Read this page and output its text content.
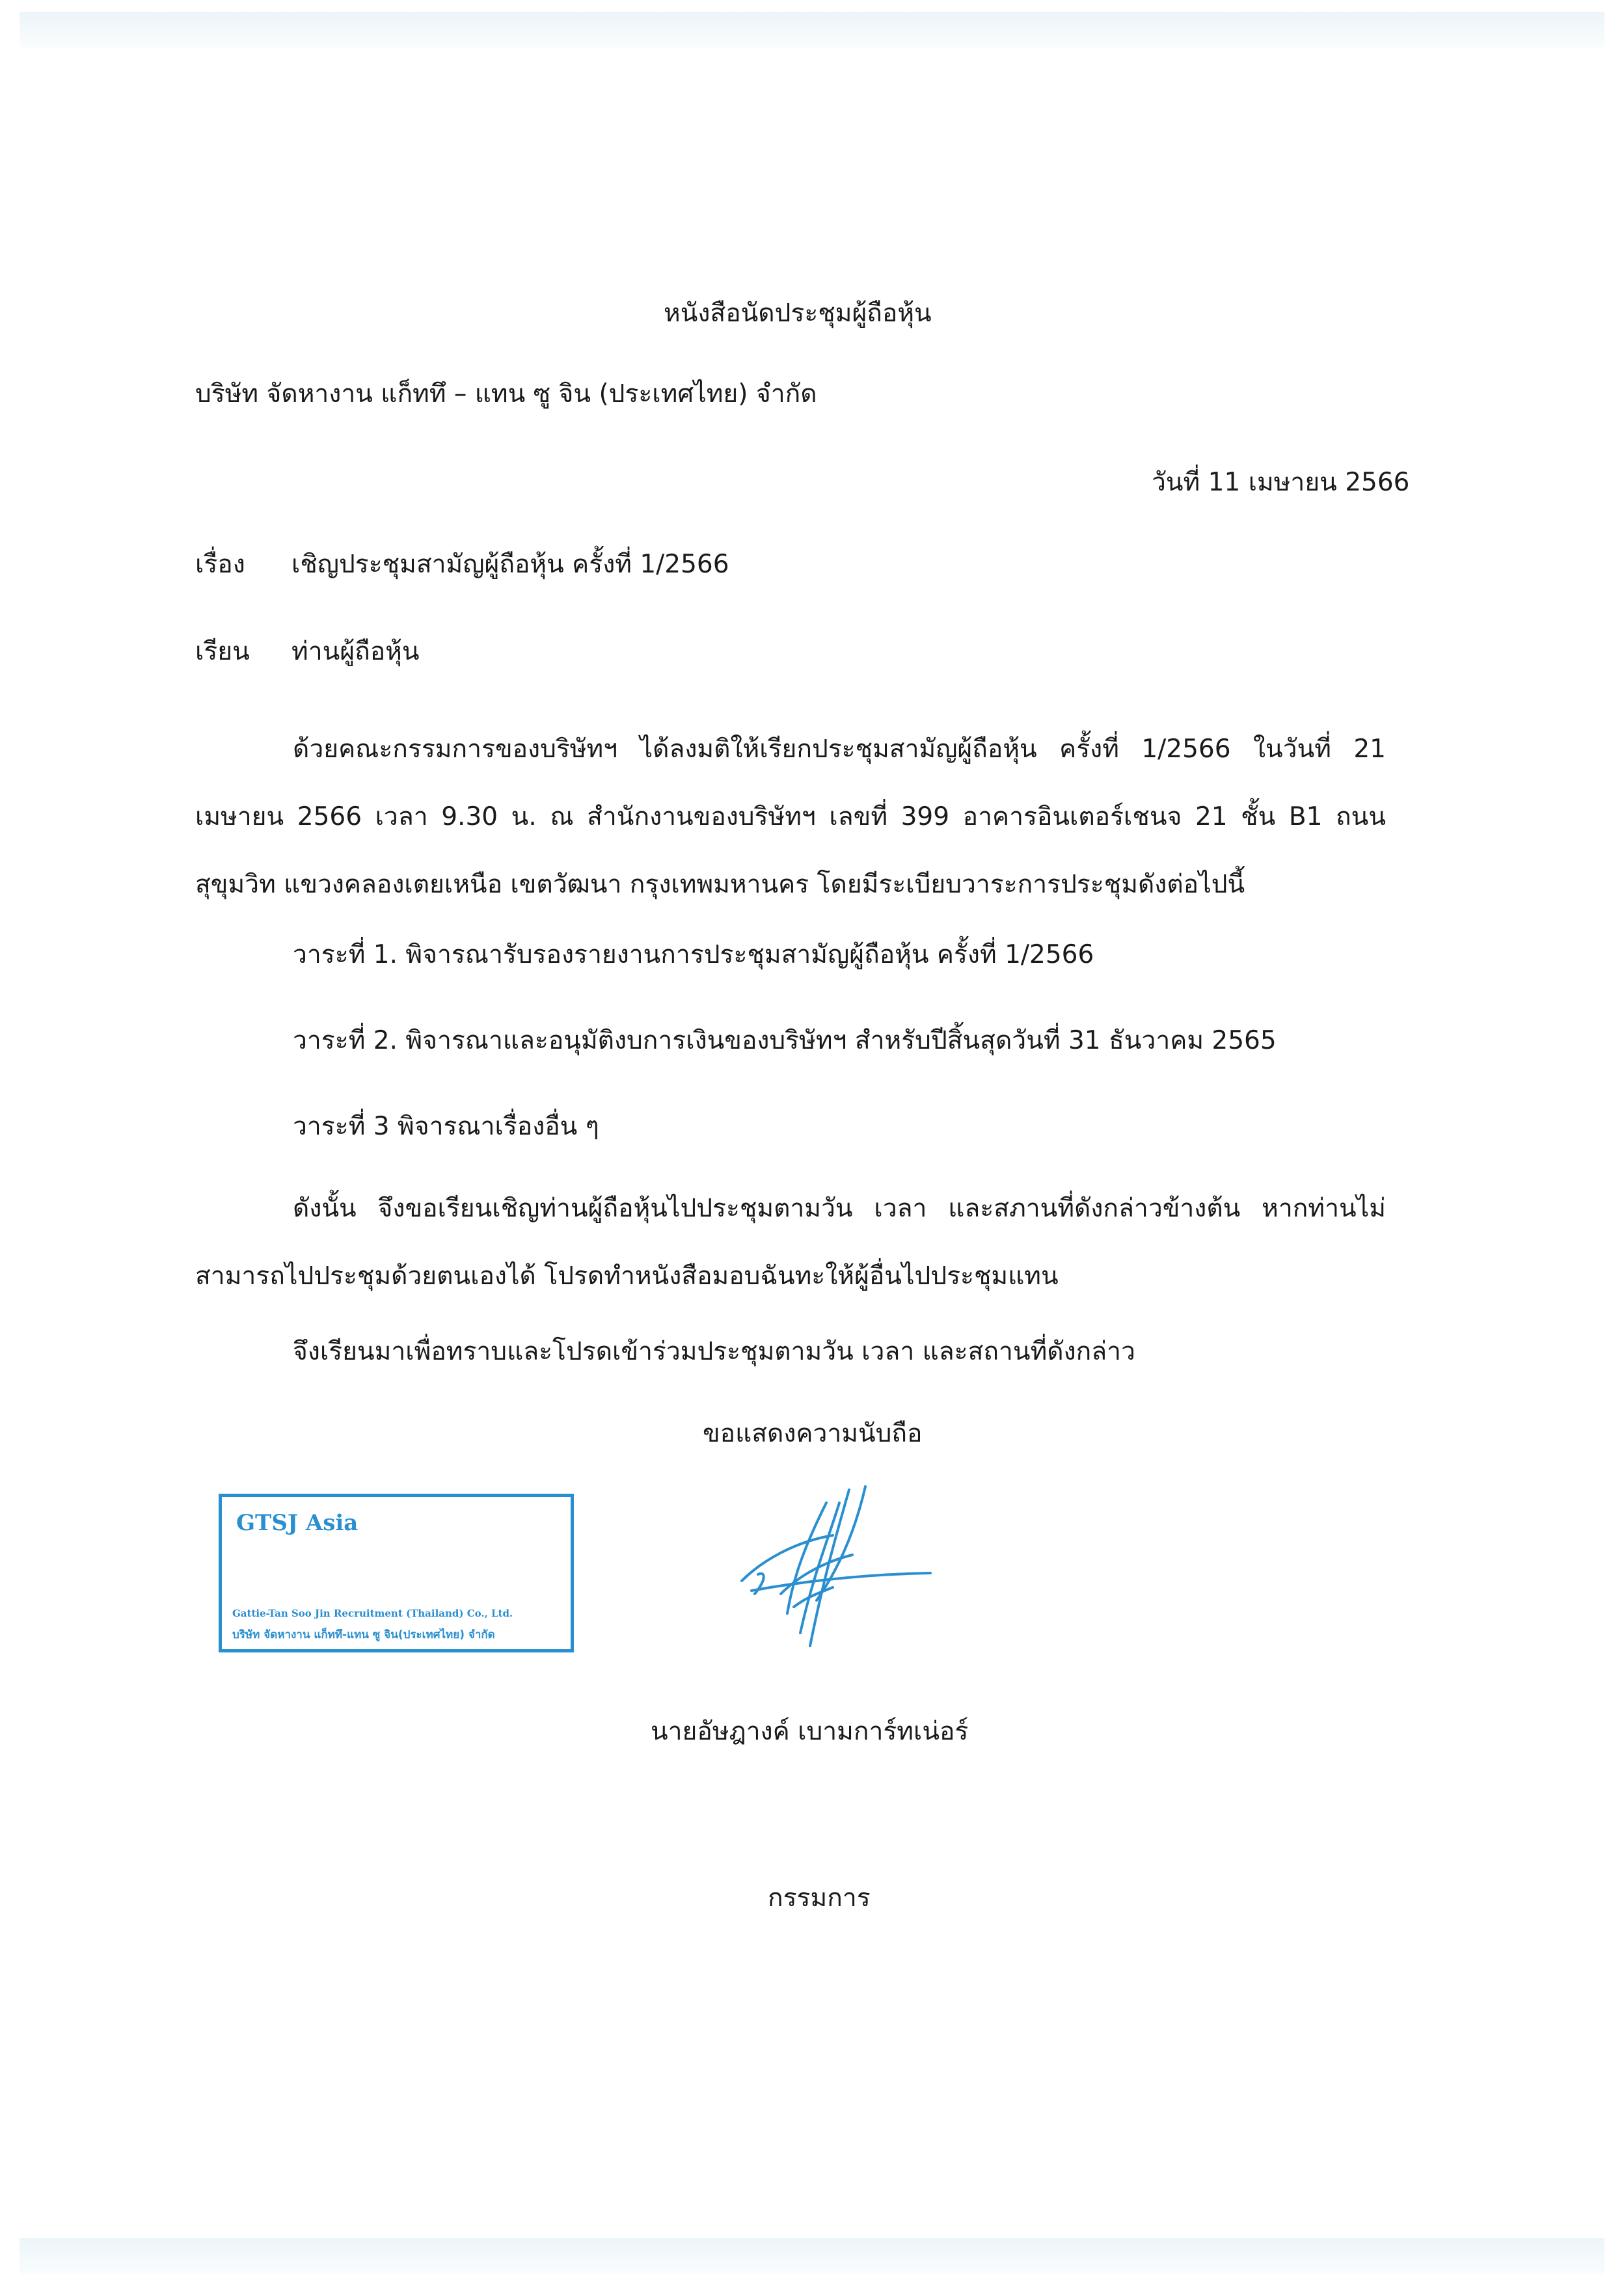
หนังสือนัดประชุมผู้ถือหุ้น
บริษัท จัดหางาน แก็ททึ – แทน ซู จิน (ประเทศไทย) จำกัด
วันที่ 11 เมษายน 2566
เรื่อง เชิญประชุมสามัญผู้ถือหุ้น ครั้งที่ 1/2566
เรียน ท่านผู้ถือหุ้น
ด้วยคณะกรรมการของบริษัทฯ ได้ลงมติให้เรียกประชุมสามัญผู้ถือหุ้น ครั้งที่ 1/2566 ในวันที่ 21 เมษายน 2566 เวลา 9.30 น. ณ สำนักงานของบริษัทฯ เลขที่ 399 อาคารอินเตอร์เชนจ 21 ชั้น B1 ถนนสุขุมวิท แขวงคลองเตยเหนือ เขตวัฒนา กรุงเทพมหานคร โดยมีระเบียบวาระการประชุมดังต่อไปนี้
วาระที่ 1. พิจารณารับรองรายงานการประชุมสามัญผู้ถือหุ้น ครั้งที่ 1/2566
วาระที่ 2. พิจารณาและอนุมัติงบการเงินของบริษัทฯ สำหรับปีสิ้นสุดวันที่ 31 ธันวาคม 2565
วาระที่ 3 พิจารณาเรื่องอื่น ๆ
ดังนั้น จึงขอเรียนเชิญท่านผู้ถือหุ้นไปประชุมตามวัน เวลา และสภานที่ดังกล่าวข้างต้น หากท่านไม่สามารถไปประชุมด้วยตนเองได้ โปรดทำหนังสือมอบฉันทะให้ผู้อื่นไปประชุมแทน
จึงเรียนมาเพื่อทราบและโปรดเข้าร่วมประชุมตามวัน เวลา และสถานที่ดังกล่าว
ขอแสดงความนับถือ
GTSJ Asia
Gattie-Tan Soo Jin Recruitment (Thailand) Co., Ltd.
บริษัท จัดหางาน แก็ททึ-แทน ซู จิน(ประเทศไทย) จำกัด
นายอัษฎางค์ เบามการ์ทเน่อร์
กรรมการ
